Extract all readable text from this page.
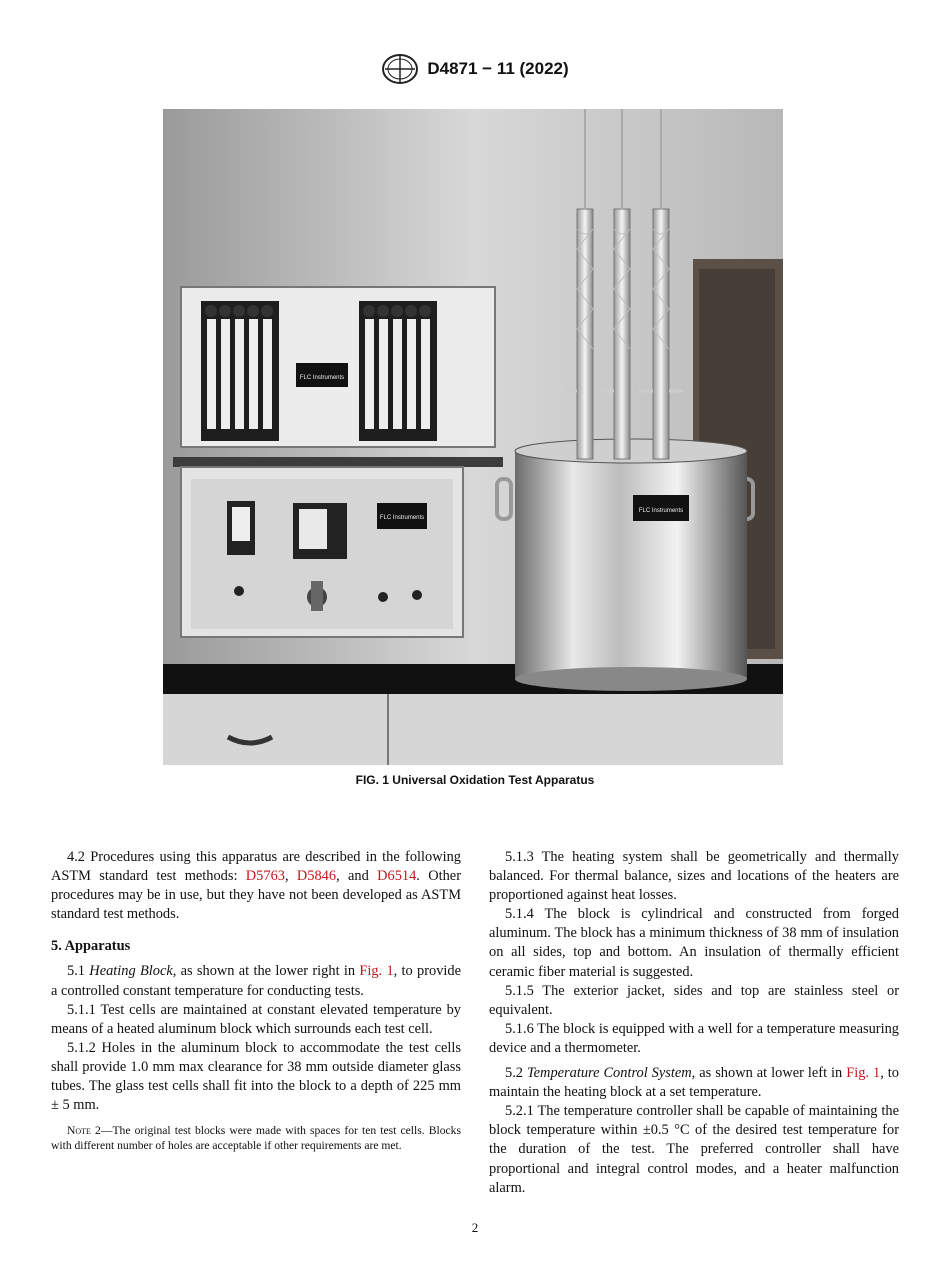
D4871 − 11 (2022)
FLC Instruments
FLC Instruments
FLC Instruments
FIG. 1 Universal Oxidation Test Apparatus

4.2 Procedures using this apparatus are described in the following ASTM standard test methods: D5763, D5846, and D6514. Other procedures may be in use, but they have not been developed as ASTM standard test methods.

5. Apparatus

5.1 Heating Block, as shown at the lower right in Fig. 1, to provide a controlled constant temperature for conducting tests.

5.1.1 Test cells are maintained at constant elevated temperature by means of a heated aluminum block which surrounds each test cell.

5.1.2 Holes in the aluminum block to accommodate the test cells shall provide 1.0 mm max clearance for 38 mm outside diameter glass tubes. The glass test cells shall fit into the block to a depth of 225 mm ± 5 mm.

Note 2—The original test blocks were made with spaces for ten test cells. Blocks with different number of holes are acceptable if other requirements are met.

5.1.3 The heating system shall be geometrically and thermally balanced. For thermal balance, sizes and locations of the heaters are proportioned against heat losses.

5.1.4 The block is cylindrical and constructed from forged aluminum. The block has a minimum thickness of 38 mm of insulation on all sides, top and bottom. An insulation of thermally efficient ceramic fiber material is suggested.

5.1.5 The exterior jacket, sides and top are stainless steel or equivalent.

5.1.6 The block is equipped with a well for a temperature measuring device and a thermometer.

5.2 Temperature Control System, as shown at lower left in Fig. 1, to maintain the heating block at a set temperature.

5.2.1 The temperature controller shall be capable of maintaining the block temperature within ±0.5 °C of the desired test temperature for the duration of the test. The preferred controller shall have proportional and integral control modes, and a heater malfunction alarm.

2
